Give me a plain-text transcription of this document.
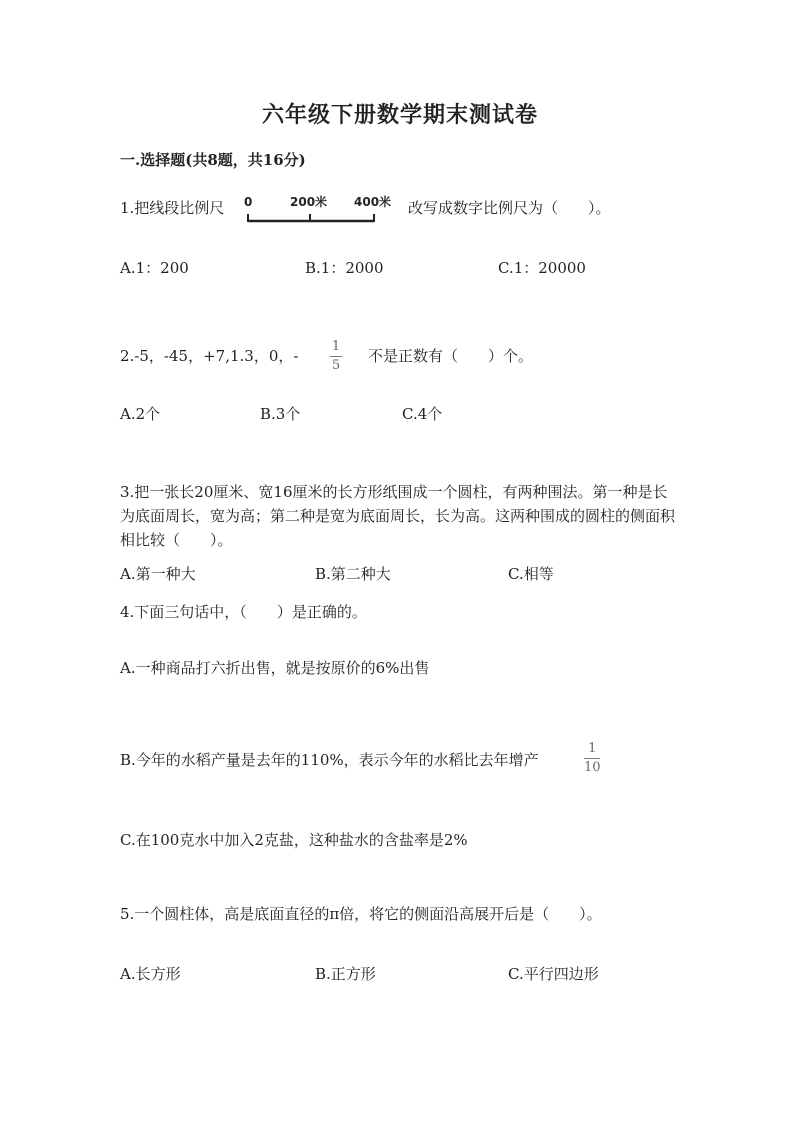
六年级下册数学期末测试卷
一.选择题(共8题，共16分)
1.把线段比例尺 0	200米 400米 改写成数字比例尺为（　　）。
A.1：200	B.1：2000	C.1：20000
2.-5，-45，+7,1.3，0，-
1
5
不是正数有（　　）个。
A.2个	B.3个	C.4个
3.把一张长20厘米、宽16厘米的长方形纸围成一个圆柱，有两种围法。第一种是长为底面周长，宽为高；第二种是宽为底面周长，长为高。这两种围成的圆柱的侧面积相比较（　　）。
A.第一种大	B.第二种大	C.相等
4.下面三句话中，（　　）是正确的。
A.一种商品打六折出售，就是按原价的6%出售
B.今年的水稻产量是去年的110%，表示今年的水稻比去年增产
1
10
C.在100克水中加入2克盐，这种盐水的含盐率是2%
5.一个圆柱体，高是底面直径的π倍，将它的侧面沿高展开后是（　　）。
A.长方形	B.正方形	C.平行四边形
